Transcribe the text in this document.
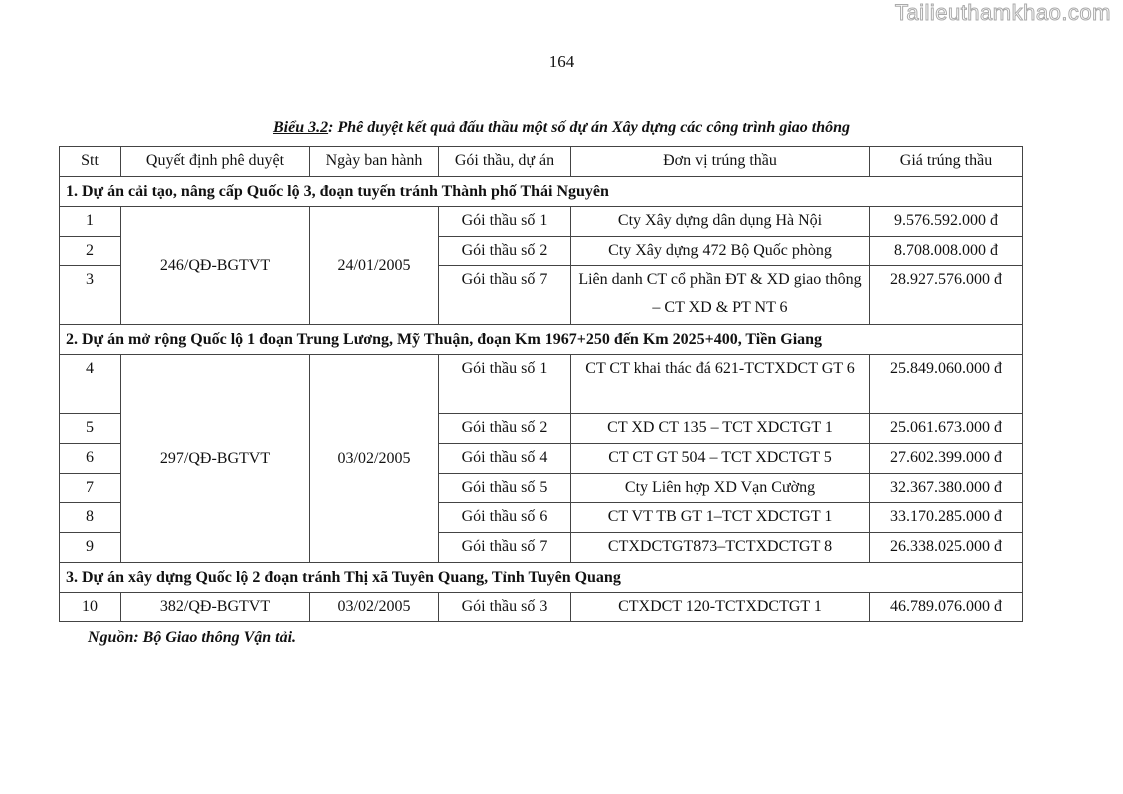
Tailieuthamkhao.com
164
Biểu 3.2: Phê duyệt kết quả đấu thầu một số dự án Xây dựng các công trình giao thông
Stt	Quyết định phê duyệt	Ngày ban hành	Gói thầu, dự án	Đơn vị trúng thầu	Giá trúng thầu
1. Dự án cải tạo, nâng cấp Quốc lộ 3, đoạn tuyến tránh Thành phố Thái Nguyên					
1	246/QĐ-BGTVT	24/01/2005	Gói thầu số 1	Cty Xây dựng dân dụng Hà Nội	9.576.592.000 đ
2			Gói thầu số 2	Cty Xây dựng 472 Bộ Quốc phòng	8.708.008.000 đ
3			Gói thầu số 7	Liên danh CT cổ phần ĐT & XD giao thông – CT XD & PT NT 6	28.927.576.000 đ
2. Dự án mở rộng Quốc lộ 1 đoạn Trung Lương, Mỹ Thuận, đoạn Km 1967+250 đến Km 2025+400, Tiền Giang					
4	297/QĐ-BGTVT	03/02/2005	Gói thầu số 1	CT CT khai thác đá 621-TCTXDCT GT 6	25.849.060.000 đ
5			Gói thầu số 2	CT XD CT 135 – TCT XDCTGT 1	25.061.673.000 đ
6			Gói thầu số 4	CT CT GT 504 – TCT XDCTGT 5	27.602.399.000 đ
7			Gói thầu số 5	Cty Liên hợp XD Vạn Cường	32.367.380.000 đ
8			Gói thầu số 6	CT VT TB GT 1–TCT XDCTGT 1	33.170.285.000 đ
9			Gói thầu số 7	CTXDCTGT873–TCTXDCTGT 8	26.338.025.000 đ
3. Dự án xây dựng Quốc lộ 2 đoạn tránh Thị xã Tuyên Quang, Tỉnh Tuyên Quang					
10	382/QĐ-BGTVT	03/02/2005	Gói thầu số 3	CTXDCT 120-TCTXDCTGT 1	46.789.076.000 đ
Nguồn: Bộ Giao thông Vận tải.
